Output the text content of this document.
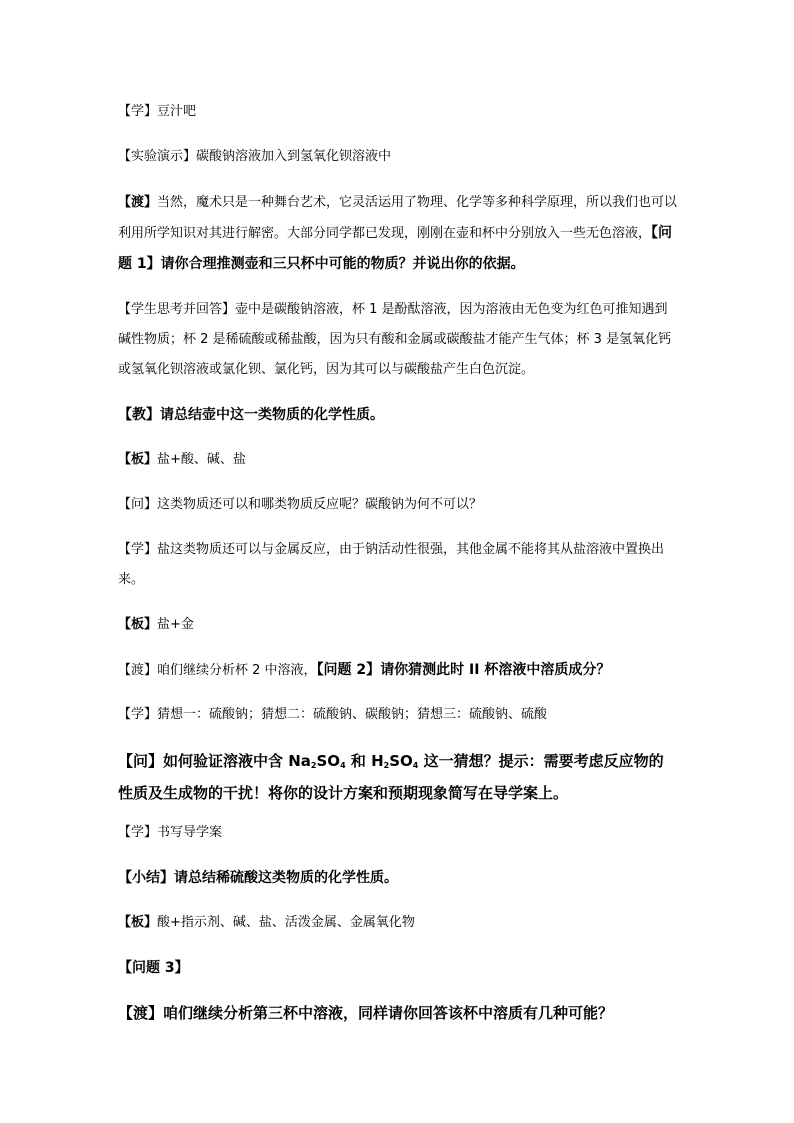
【学】豆汁吧
【实验演示】碳酸钠溶液加入到氢氧化钡溶液中
【渡】当然，魔术只是一种舞台艺术，它灵活运用了物理、化学等多种科学原理，所以我们也可以利用所学知识对其进行解密。大部分同学都已发现，刚刚在壶和杯中分别放入一些无色溶液，【问题 1】请你合理推测壶和三只杯中可能的物质？并说出你的依据。
【学生思考并回答】壶中是碳酸钠溶液，杯 1 是酚酞溶液，因为溶液由无色变为红色可推知遇到碱性物质；杯 2 是稀硫酸或稀盐酸，因为只有酸和金属或碳酸盐才能产生气体；杯 3 是氢氧化钙或氢氧化钡溶液或氯化钡、氯化钙，因为其可以与碳酸盐产生白色沉淀。
【教】请总结壶中这一类物质的化学性质。
【板】盐+酸、碱、盐
【问】这类物质还可以和哪类物质反应呢？碳酸钠为何不可以？
【学】盐这类物质还可以与金属反应，由于钠活动性很强，其他金属不能将其从盐溶液中置换出来。
【板】盐+金
【渡】咱们继续分析杯 2 中溶液，【问题 2】请你猜测此时 II 杯溶液中溶质成分？
【学】猜想一：硫酸钠；猜想二：硫酸钠、碳酸钠；猜想三：硫酸钠、硫酸
【问】如何验证溶液中含 $Na_2SO_4$ 和 $H_2SO_4$ 这一猜想？提示：需要考虑反应物的性质及生成物的干扰！将你的设计方案和预期现象简写在导学案上。
【学】书写导学案
【小结】请总结稀硫酸这类物质的化学性质。
【板】酸+指示剂、碱、盐、活泼金属、金属氧化物
【问题 3】
【渡】咱们继续分析第三杯中溶液，同样请你回答该杯中溶质有几种可能？
